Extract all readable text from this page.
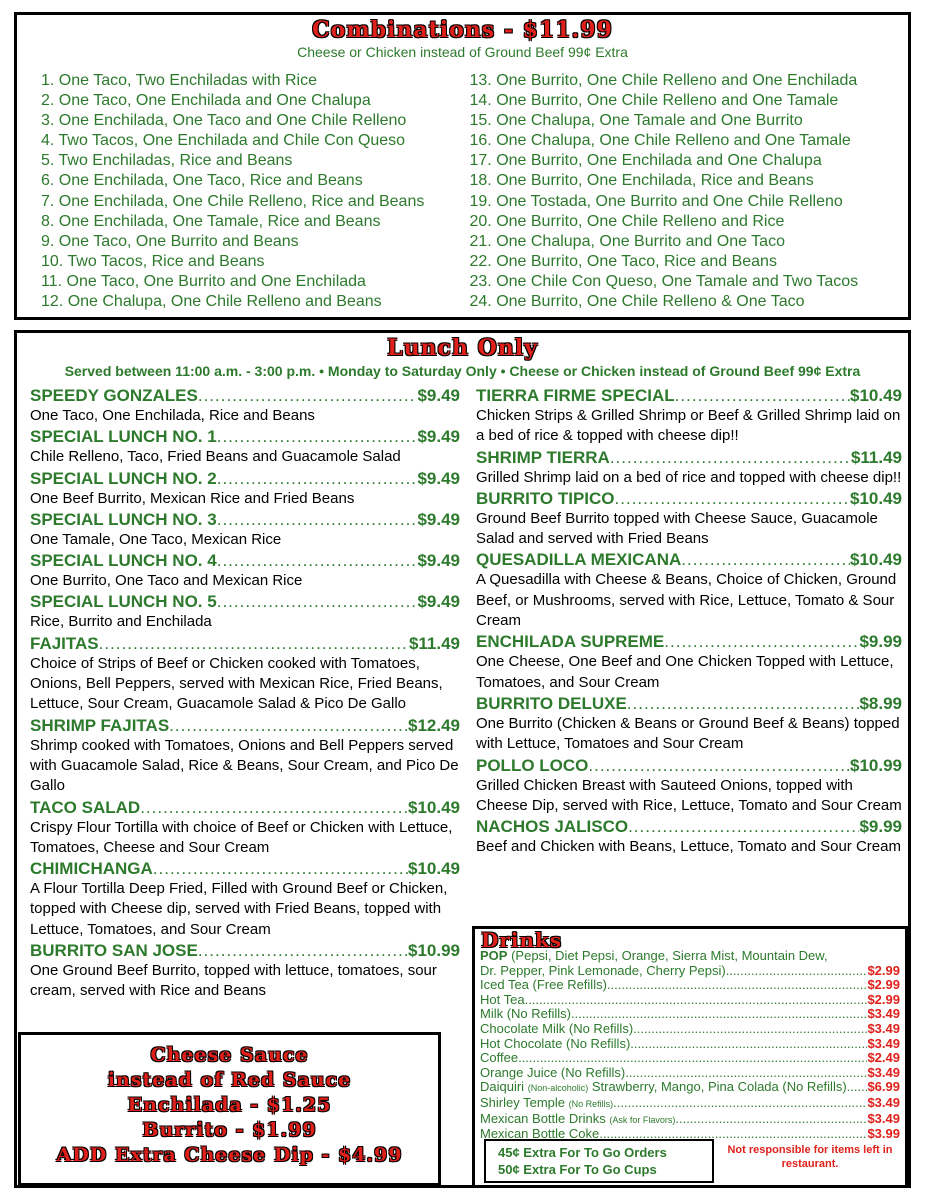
Combinations - $11.99
Cheese or Chicken instead of Ground Beef 99¢ Extra
1. One Taco, Two Enchiladas with Rice
2. One Taco, One Enchilada and One Chalupa
3. One Enchilada, One Taco and One Chile Relleno
4. Two Tacos, One Enchilada and Chile Con Queso
5. Two Enchiladas, Rice and Beans
6. One Enchilada, One Taco, Rice and Beans
7. One Enchilada, One Chile Relleno, Rice and Beans
8. One Enchilada, One Tamale, Rice and Beans
9. One Taco, One Burrito and Beans
10. Two Tacos, Rice and Beans
11. One Taco, One Burrito and One Enchilada
12. One Chalupa, One Chile Relleno and Beans
13. One Burrito, One Chile Relleno and One Enchilada
14. One Burrito, One Chile Relleno and One Tamale
15. One Chalupa, One Tamale and One Burrito
16. One Chalupa, One Chile Relleno and One Tamale
17. One Burrito, One Enchilada and One Chalupa
18. One Burrito, One Enchilada, Rice and Beans
19. One Tostada, One Burrito and One Chile Relleno
20. One Burrito, One Chile Relleno and Rice
21. One Chalupa, One Burrito and One Taco
22. One Burrito, One Taco, Rice and Beans
23. One Chile Con Queso, One Tamale and Two Tacos
24. One Burrito, One Chile Relleno & One Taco
Lunch Only
Served between 11:00 a.m. - 3:00 p.m. • Monday to Saturday Only • Cheese or Chicken instead of Ground Beef 99¢ Extra
SPEEDY GONZALES .....	$9.49
One Taco, One Enchilada, Rice and Beans
SPECIAL LUNCH NO. 1 .....	$9.49
Chile Relleno, Taco, Fried Beans and Guacamole Salad
SPECIAL LUNCH NO. 2 .....	$9.49
One Beef Burrito, Mexican Rice and Fried Beans
SPECIAL LUNCH NO. 3 .....	$9.49
One Tamale, One Taco, Mexican Rice
SPECIAL LUNCH NO. 4 .....	$9.49
One Burrito, One Taco and Mexican Rice
SPECIAL LUNCH NO. 5 .....	$9.49
Rice, Burrito and Enchilada
FAJITAS .....	$11.49
Choice of Strips of Beef or Chicken cooked with Tomatoes, Onions, Bell Peppers, served with Mexican Rice, Fried Beans, Lettuce, Sour Cream, Guacamole Salad & Pico De Gallo
SHRIMP FAJITAS .....	$12.49
Shrimp cooked with Tomatoes, Onions and Bell Peppers served with Guacamole Salad, Rice & Beans, Sour Cream, and Pico De Gallo
TACO SALAD .....	$10.49
Crispy Flour Tortilla with choice of Beef or Chicken with Lettuce, Tomatoes, Cheese and Sour Cream
CHIMICHANGA .....	$10.49
A Flour Tortilla Deep Fried, Filled with Ground Beef or Chicken, topped with Cheese dip, served with Fried Beans, topped with Lettuce, Tomatoes, and Sour Cream
BURRITO SAN JOSE .....	$10.99
One Ground Beef Burrito, topped with lettuce, tomatoes, sour cream, served with Rice and Beans
TIERRA FIRME SPECIAL .....	$10.49
Chicken Strips & Grilled Shrimp or Beef & Grilled Shrimp laid on a bed of rice & topped with cheese dip!!
SHRIMP TIERRA .....	$11.49
Grilled Shrimp laid on a bed of rice and topped with cheese dip!!
BURRITO TIPICO .....	$10.49
Ground Beef Burrito topped with Cheese Sauce, Guacamole Salad and served with Fried Beans
QUESADILLA MEXICANA .....	$10.49
A Quesadilla with Cheese & Beans, Choice of Chicken, Ground Beef, or Mushrooms, served with Rice, Lettuce, Tomato & Sour Cream
ENCHILADA SUPREME .....	$9.99
One Cheese, One Beef and One Chicken Topped with Lettuce, Tomatoes, and Sour Cream
BURRITO DELUXE .....	$8.99
One Burrito (Chicken & Beans or Ground Beef & Beans) topped with Lettuce, Tomatoes and Sour Cream
POLLO LOCO .....	$10.99
Grilled Chicken Breast with Sauteed Onions, topped with Cheese Dip, served with Rice, Lettuce, Tomato and Sour Cream
NACHOS JALISCO .....	$9.99
Beef and Chicken with Beans, Lettuce, Tomato and Sour Cream
Cheese Sauce
instead of Red Sauce
Enchilada - $1.25
Burrito - $1.99
ADD Extra Cheese Dip - $4.99
Drinks
POP (Pepsi, Diet Pepsi, Orange, Sierra Mist, Mountain Dew,
Dr. Pepper, Pink Lemonade, Cherry Pepsi) .....	$2.99
Iced Tea (Free Refills) .....	$2.99
Hot Tea .....	$2.99
Milk (No Refills) .....	$3.49
Chocolate Milk (No Refills) .....	$3.49
Hot Chocolate (No Refills) .....	$3.49
Coffee .....	$2.49
Orange Juice (No Refills) .....	$3.49
Daiquiri (Non-alcoholic) Strawberry, Mango, Pina Colada (No Refills) ..... $6.99
Shirley Temple (No Refills) .....	$3.49
Mexican Bottle Drinks (Ask for Flavors) .....	$3.49
Mexican Bottle Coke .....	$3.99
45¢ Extra For To Go Orders
50¢ Extra For To Go Cups
Not responsible for items left in restaurant.
